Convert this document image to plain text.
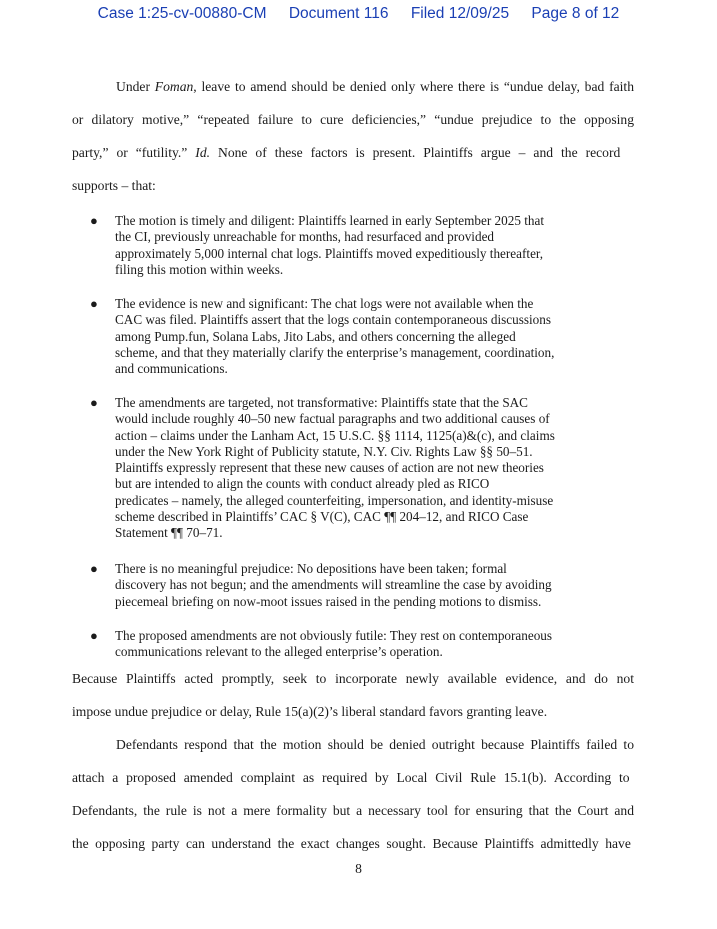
Case 1:25-cv-00880-CM Document 116 Filed 12/09/25 Page 8 of 12
Under Foman, leave to amend should be denied only where there is “undue delay, bad faith
or dilatory motive,” “repeated failure to cure deficiencies,” “undue prejudice to the opposing
party,” or “futility.” Id. None of these factors is present. Plaintiffs argue – and the record
supports – that:
● The motion is timely and diligent: Plaintiffs learned in early September 2025 that
the CI, previously unreachable for months, had resurfaced and provided
approximately 5,000 internal chat logs. Plaintiffs moved expeditiously thereafter,
filing this motion within weeks.
● The evidence is new and significant: The chat logs were not available when the
CAC was filed. Plaintiffs assert that the logs contain contemporaneous discussions
among Pump.fun, Solana Labs, Jito Labs, and others concerning the alleged
scheme, and that they materially clarify the enterprise’s management, coordination,
and communications.
● The amendments are targeted, not transformative: Plaintiffs state that the SAC
would include roughly 40–50 new factual paragraphs and two additional causes of
action – claims under the Lanham Act, 15 U.S.C. §§ 1114, 1125(a)&(c), and claims
under the New York Right of Publicity statute, N.Y. Civ. Rights Law §§ 50–51.
Plaintiffs expressly represent that these new causes of action are not new theories
but are intended to align the counts with conduct already pled as RICO
predicates – namely, the alleged counterfeiting, impersonation, and identity-misuse
scheme described in Plaintiffs’ CAC § V(C), CAC ¶¶ 204–12, and RICO Case
Statement ¶¶ 70–71.
● There is no meaningful prejudice: No depositions have been taken; formal
discovery has not begun; and the amendments will streamline the case by avoiding
piecemeal briefing on now-moot issues raised in the pending motions to dismiss.
● The proposed amendments are not obviously futile: They rest on contemporaneous
communications relevant to the alleged enterprise’s operation.
Because Plaintiffs acted promptly, seek to incorporate newly available evidence, and do not
impose undue prejudice or delay, Rule 15(a)(2)’s liberal standard favors granting leave.
Defendants respond that the motion should be denied outright because Plaintiffs failed to
attach a proposed amended complaint as required by Local Civil Rule 15.1(b). According to
Defendants, the rule is not a mere formality but a necessary tool for ensuring that the Court and
the opposing party can understand the exact changes sought. Because Plaintiffs admittedly have
8
